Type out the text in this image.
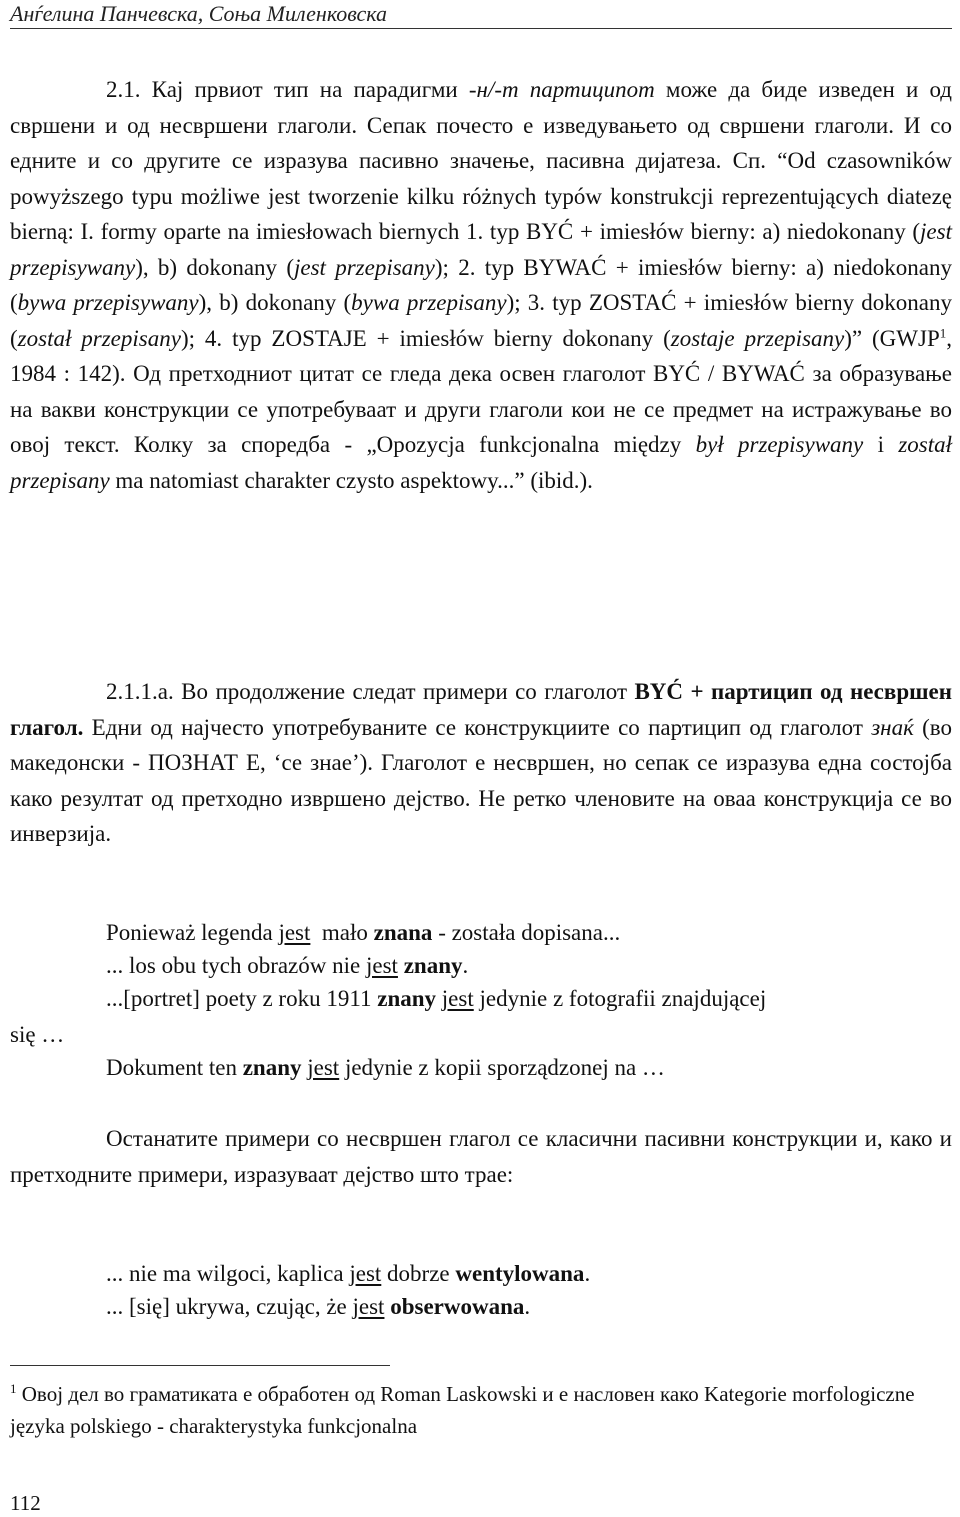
Анѓелина Панчевска, Соња Миленковска

2.1. Кај првиот тип на парадигми -н/-т партиципот може да биде изведен и од свршени и од несвршени глаголи. Сепак почесто е изведувањето од свршени глаголи. И со едните и со другите се изразува пасивно значење, пасивна дијатеза. Сп. “Od czasowników powyższego typu możliwe jest tworzenie kilku różnych typów konstrukcji reprezentujących diatezę bierną: I. formy oparte na imiesłowach biernych 1. typ BYĆ + imiesłów bierny: a) niedokonany (jest przepisywany), b) dokonany (jest przepisany); 2. typ BYWAĆ + imiesłów bierny: a) niedokonany (bywa przepisywany), b) dokonany (bywa przepisany); 3. typ ZOSTAĆ + imiesłów bierny dokonany (został przepisany); 4. typ ZOSTAJE + imiesłów bierny dokonany (zostaje przepisany)” (GWJP$^1$, 1984 : 142). Од претходниот цитат се гледа дека освен глаголот BYĆ / BYWAĆ за образување на вакви конструкции се употребуваат и други глаголи кои не се предмет на истражување во овој текст. Колку за споредба - „Opozycja funkcjonalna między był przepisywany i został przepisany ma natomiast charakter czysto aspektowy...” (ibid.).

2.1.1.a. Во продолжение следат примери со глаголот BYĆ + партицип од несвршен глагол. Едни од најчесто употребуваните се конструкциите со партицип од глаголот знаќ (во македонски - ПОЗНАТ Е, ‘се знае’). Глаголот е несвршен, но сепак се изразува една состојба како резултат од претходно извршено дејство. Не ретко членовите на оваа конструкција се во инверзија.

Ponieważ legenda jest  mało znana - została dopisana...
... los obu tych obrazów nie jest znany.
...[portret] poety z roku 1911 znany jest jedynie z fotografii znajdującej
się …
Dokument ten znany jest jedynie z kopii sporządzonej na …

Останатите примери со несвршен глагол се класични пасивни конструкции и, како и претходните примери, изразуваат дејство што трае:

... nie ma wilgoci, kaplica jest dobrze wentylowana.
... [się] ukrywa, czując, że jest obserwowana.
$^1$ Овој дел во граматиката е обработен од Roman Laskowski и е насловен како Kategorie morfologiczne języka polskiego - charakterystyka funkcjonalna
112
